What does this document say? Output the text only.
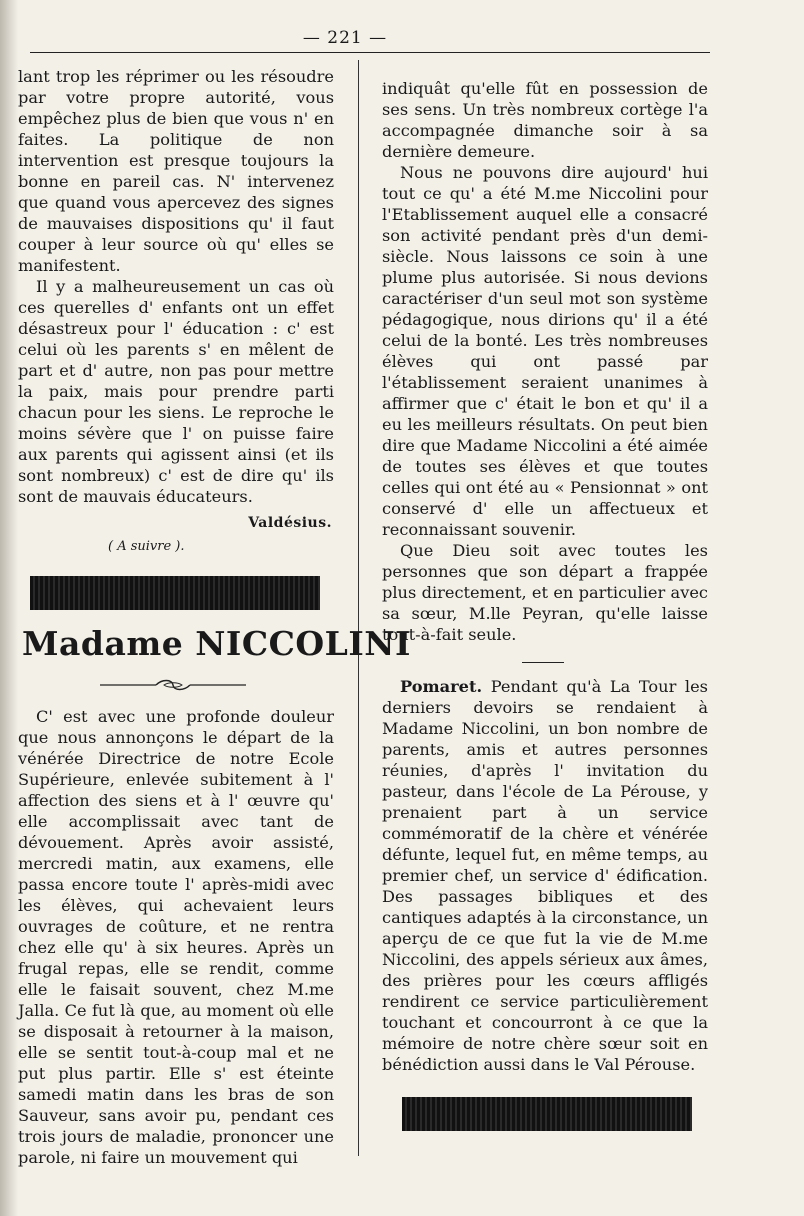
— 221 —

lant trop les réprimer ou les résoudre par votre propre autorité, vous empêchez plus de bien que vous n' en faites. La politique de non intervention est presque toujours la bonne en pareil cas. N' intervenez que quand vous apercevez des signes de mauvaises dispositions qu' il faut couper à leur source où qu' elles se manifestent.

Il y a malheureusement un cas où ces querelles d' enfants ont un effet désastreux pour l' éducation : c' est celui où les parents s' en mêlent de part et d' autre, non pas pour mettre la paix, mais pour prendre parti chacun pour les siens. Le reproche le moins sévère que l' on puisse faire aux parents qui agissent ainsi (et ils sont nombreux) c' est de dire qu' ils sont de mauvais éducateurs.

Valdésius.

( A suivre ).

Madame NICCOLINI

C' est avec une profonde douleur que nous annonçons le départ de la vénérée Directrice de notre Ecole Supérieure, enlevée subitement à l' affection des siens et à l' œuvre qu' elle accomplissait avec tant de dévouement. Après avoir assisté, mercredi matin, aux examens, elle passa encore toute l' après-midi avec les élèves, qui achevaient leurs ouvrages de coûture, et ne rentra chez elle qu' à six heures. Après un frugal repas, elle se rendit, comme elle le faisait souvent, chez M.me Jalla. Ce fut là que, au moment où elle se disposait à retourner à la maison, elle se sentit tout-à-coup mal et ne put plus partir. Elle s' est éteinte samedi matin dans les bras de son Sauveur, sans avoir pu, pendant ces trois jours de maladie, prononcer une parole, ni faire un mouvement qui

indiquât qu'elle fût en possession de ses sens. Un très nombreux cortège l'a accompagnée dimanche soir à sa dernière demeure.

Nous ne pouvons dire aujourd' hui tout ce qu' a été M.me Niccolini pour l'Etablissement auquel elle a consacré son activité pendant près d'un demi-siècle. Nous laissons ce soin à une plume plus autorisée. Si nous devions caractériser d'un seul mot son système pédagogique, nous dirions qu' il a été celui de la bonté. Les très nombreuses élèves qui ont passé par l'établissement seraient unanimes à affirmer que c' était le bon et qu' il a eu les meilleurs résultats. On peut bien dire que Madame Niccolini a été aimée de toutes ses élèves et que toutes celles qui ont été au « Pensionnat » ont conservé d' elle un affectueux et reconnaissant souvenir.

Que Dieu soit avec toutes les personnes que son départ a frappée plus directement, et en particulier avec sa sœur, M.lle Peyran, qu'elle laisse tout-à-fait seule.

Pomaret. Pendant qu'à La Tour les derniers devoirs se rendaient à Madame Niccolini, un bon nombre de parents, amis et autres personnes réunies, d'après l' invitation du pasteur, dans l'école de La Pérouse, y prenaient part à un service commémoratif de la chère et vénérée défunte, lequel fut, en même temps, au premier chef, un service d' édification. Des passages bibliques et des cantiques adaptés à la circonstance, un aperçu de ce que fut la vie de M.me Niccolini, des appels sérieux aux âmes, des prières pour les cœurs affligés rendirent ce service particulièrement touchant et concourront à ce que la mémoire de notre chère sœur soit en bénédiction aussi dans le Val Pérouse.
